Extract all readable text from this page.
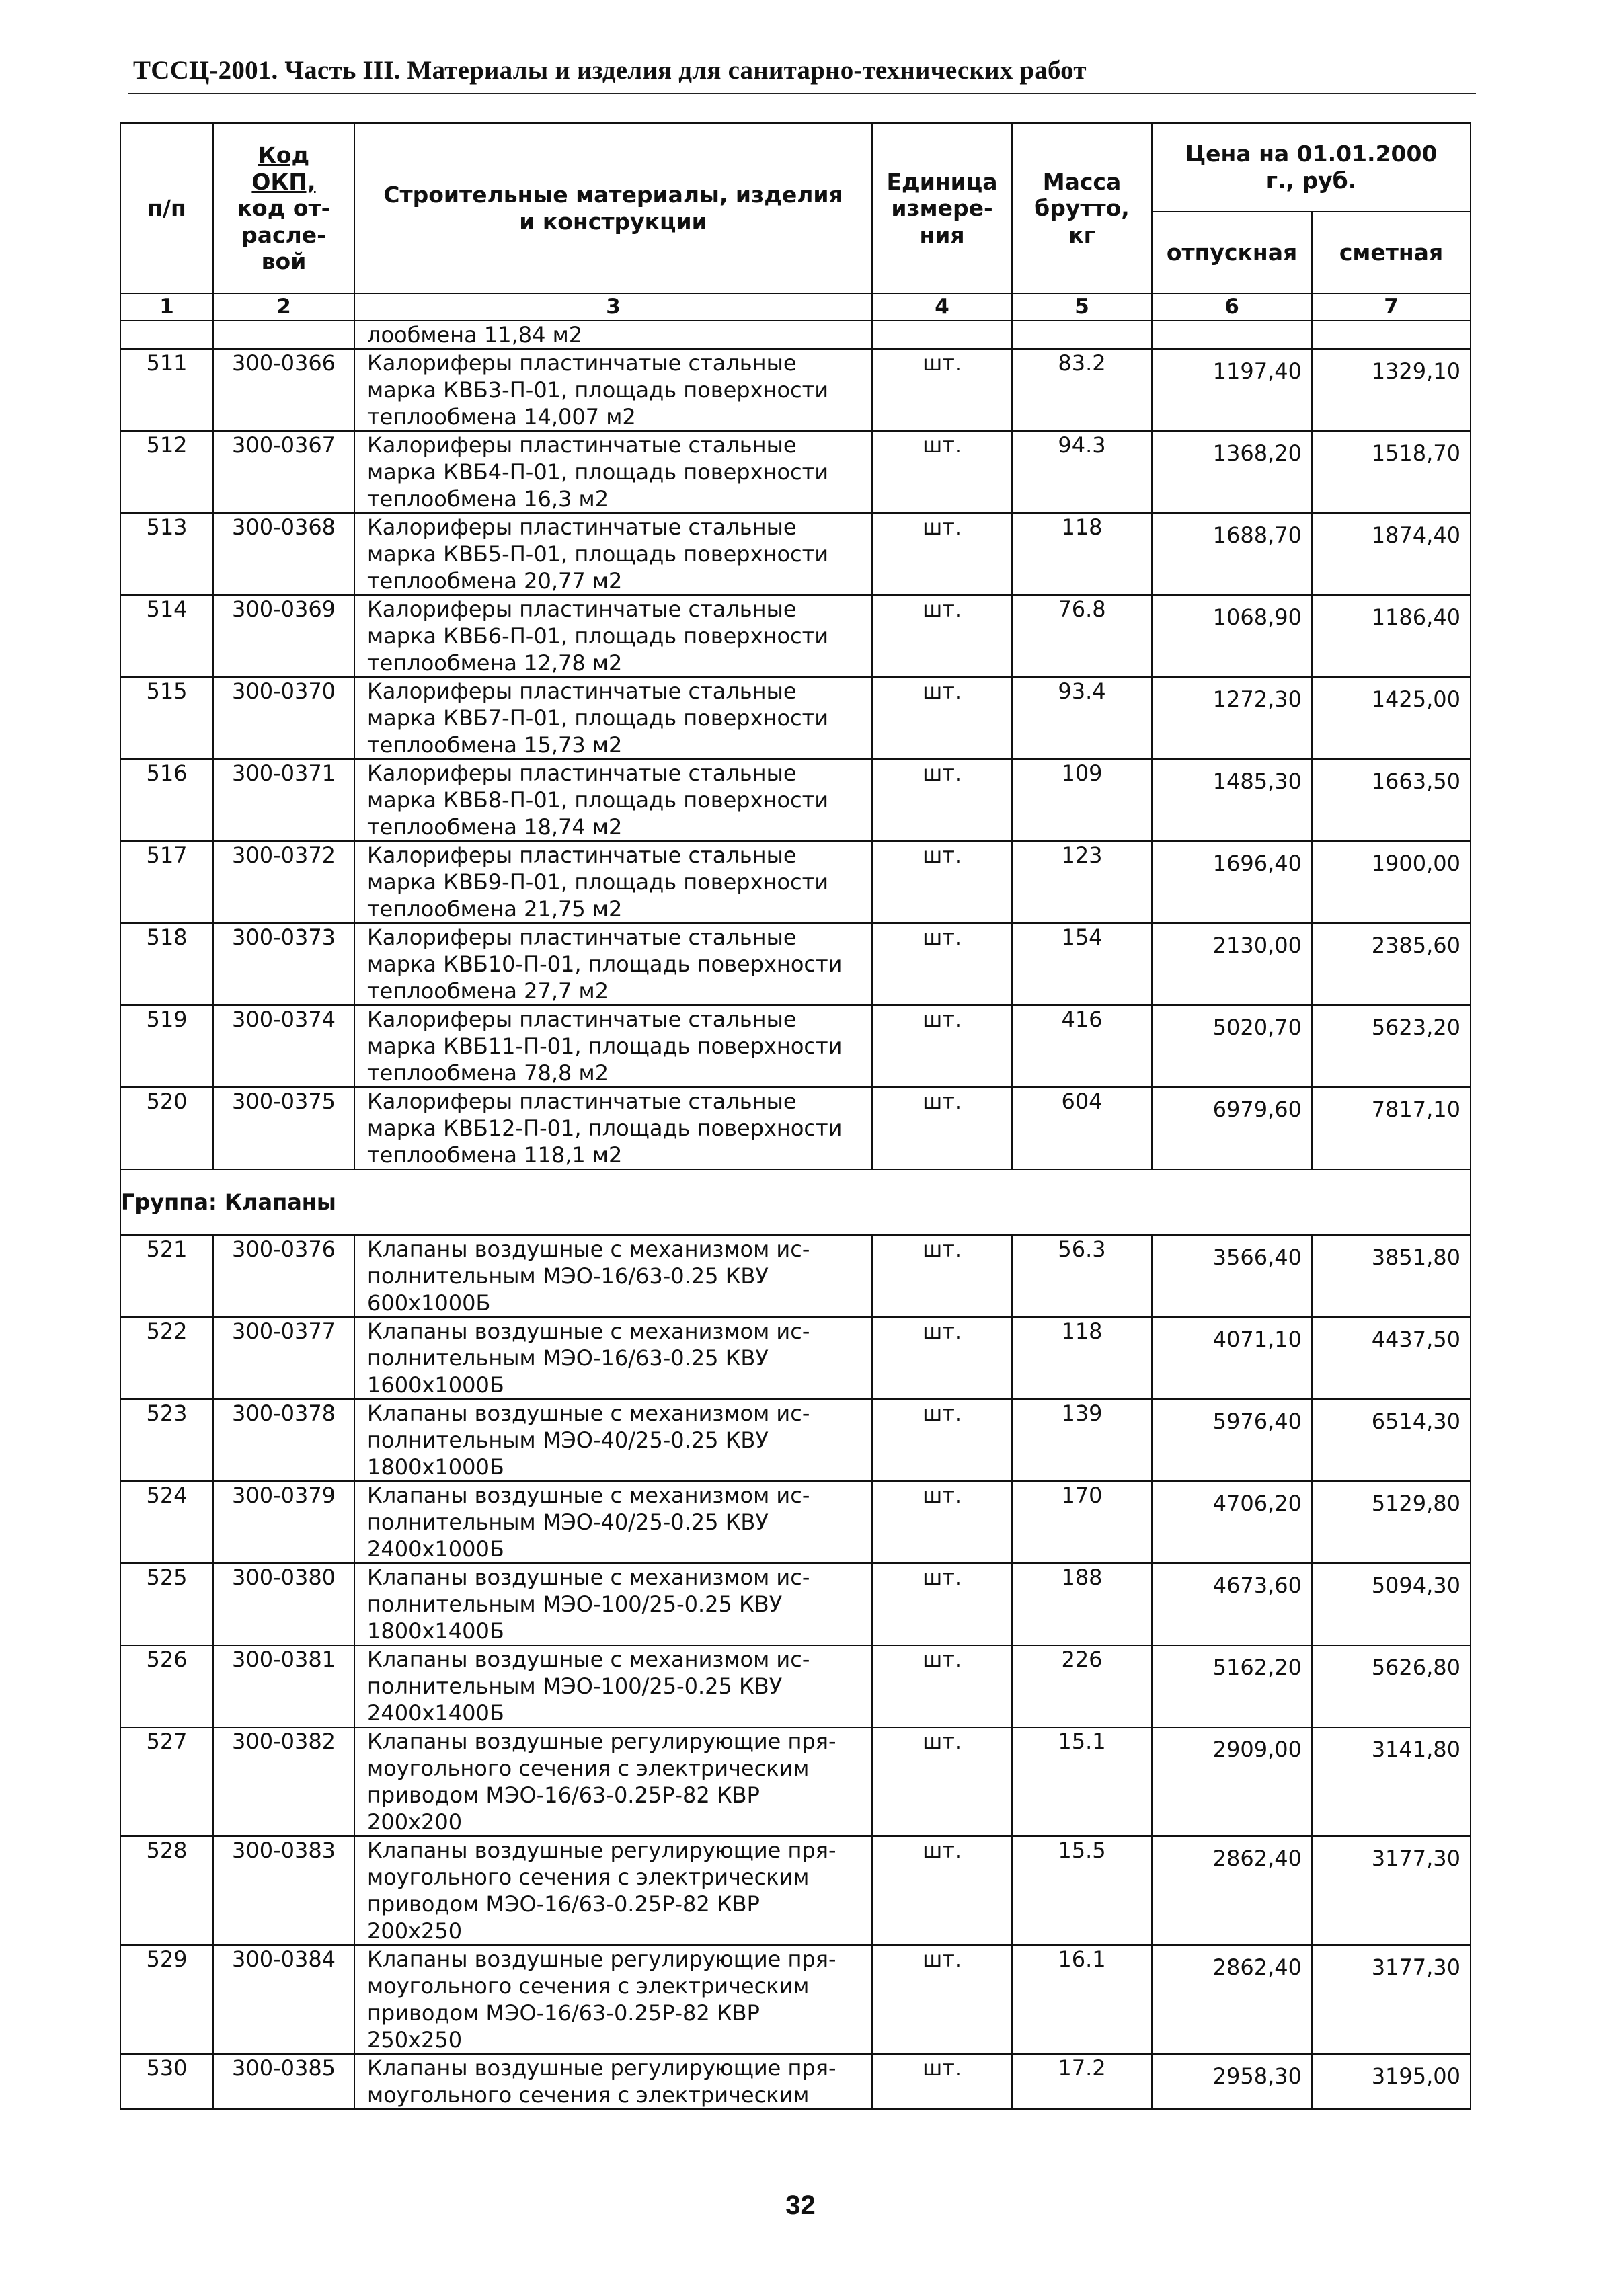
ТССЦ-2001. Часть III. Материалы и изделия для санитарно-технических работ
п/п	Код
ОКП,
код от-
расле-
вой	Строительные материалы, изделия и конструкции	Единица измере-ния	Масса брутто, кг	Цена на 01.01.2000 г., руб.	
					отпускная	сметная
1	2	3	4	5	6	7
		лообмена 11,84 м2				
511	300-0366	Калориферы пластинчатые стальные
марка КВБ3-П-01, площадь поверхности
теплообмена 14,007 м2	шт.	83.2	1197,40	1329,10
512	300-0367	Калориферы пластинчатые стальные
марка КВБ4-П-01, площадь поверхности
теплообмена 16,3 м2	шт.	94.3	1368,20	1518,70
513	300-0368	Калориферы пластинчатые стальные
марка КВБ5-П-01, площадь поверхности
теплообмена 20,77 м2	шт.	118	1688,70	1874,40
514	300-0369	Калориферы пластинчатые стальные
марка КВБ6-П-01, площадь поверхности
теплообмена 12,78 м2	шт.	76.8	1068,90	1186,40
515	300-0370	Калориферы пластинчатые стальные
марка КВБ7-П-01, площадь поверхности
теплообмена 15,73 м2	шт.	93.4	1272,30	1425,00
516	300-0371	Калориферы пластинчатые стальные
марка КВБ8-П-01, площадь поверхности
теплообмена 18,74 м2	шт.	109	1485,30	1663,50
517	300-0372	Калориферы пластинчатые стальные
марка КВБ9-П-01, площадь поверхности
теплообмена 21,75 м2	шт.	123	1696,40	1900,00
518	300-0373	Калориферы пластинчатые стальные
марка КВБ10-П-01, площадь поверхности
теплообмена 27,7 м2	шт.	154	2130,00	2385,60
519	300-0374	Калориферы пластинчатые стальные
марка КВБ11-П-01, площадь поверхности
теплообмена 78,8 м2	шт.	416	5020,70	5623,20
520	300-0375	Калориферы пластинчатые стальные
марка КВБ12-П-01, площадь поверхности
теплообмена 118,1 м2	шт.	604	6979,60	7817,10
Группа: Клапаны						
521	300-0376	Клапаны воздушные с механизмом ис-
полнительным МЭО-16/63-0.25 КВУ
600х1000Б	шт.	56.3	3566,40	3851,80
522	300-0377	Клапаны воздушные с механизмом ис-
полнительным МЭО-16/63-0.25 КВУ
1600х1000Б	шт.	118	4071,10	4437,50
523	300-0378	Клапаны воздушные с механизмом ис-
полнительным МЭО-40/25-0.25 КВУ
1800х1000Б	шт.	139	5976,40	6514,30
524	300-0379	Клапаны воздушные с механизмом ис-
полнительным МЭО-40/25-0.25 КВУ
2400х1000Б	шт.	170	4706,20	5129,80
525	300-0380	Клапаны воздушные с механизмом ис-
полнительным МЭО-100/25-0.25 КВУ
1800х1400Б	шт.	188	4673,60	5094,30
526	300-0381	Клапаны воздушные с механизмом ис-
полнительным МЭО-100/25-0.25 КВУ
2400х1400Б	шт.	226	5162,20	5626,80
527	300-0382	Клапаны воздушные регулирующие пря-
моугольного сечения с электрическим
приводом МЭО-16/63-0.25Р-82 КВР
200х200	шт.	15.1	2909,00	3141,80
528	300-0383	Клапаны воздушные регулирующие пря-
моугольного сечения с электрическим
приводом МЭО-16/63-0.25Р-82 КВР
200х250	шт.	15.5	2862,40	3177,30
529	300-0384	Клапаны воздушные регулирующие пря-
моугольного сечения с электрическим
приводом МЭО-16/63-0.25Р-82 КВР
250х250	шт.	16.1	2862,40	3177,30
530	300-0385	Клапаны воздушные регулирующие пря-
моугольного сечения с электрическим	шт.	17.2	2958,30	3195,00
32
